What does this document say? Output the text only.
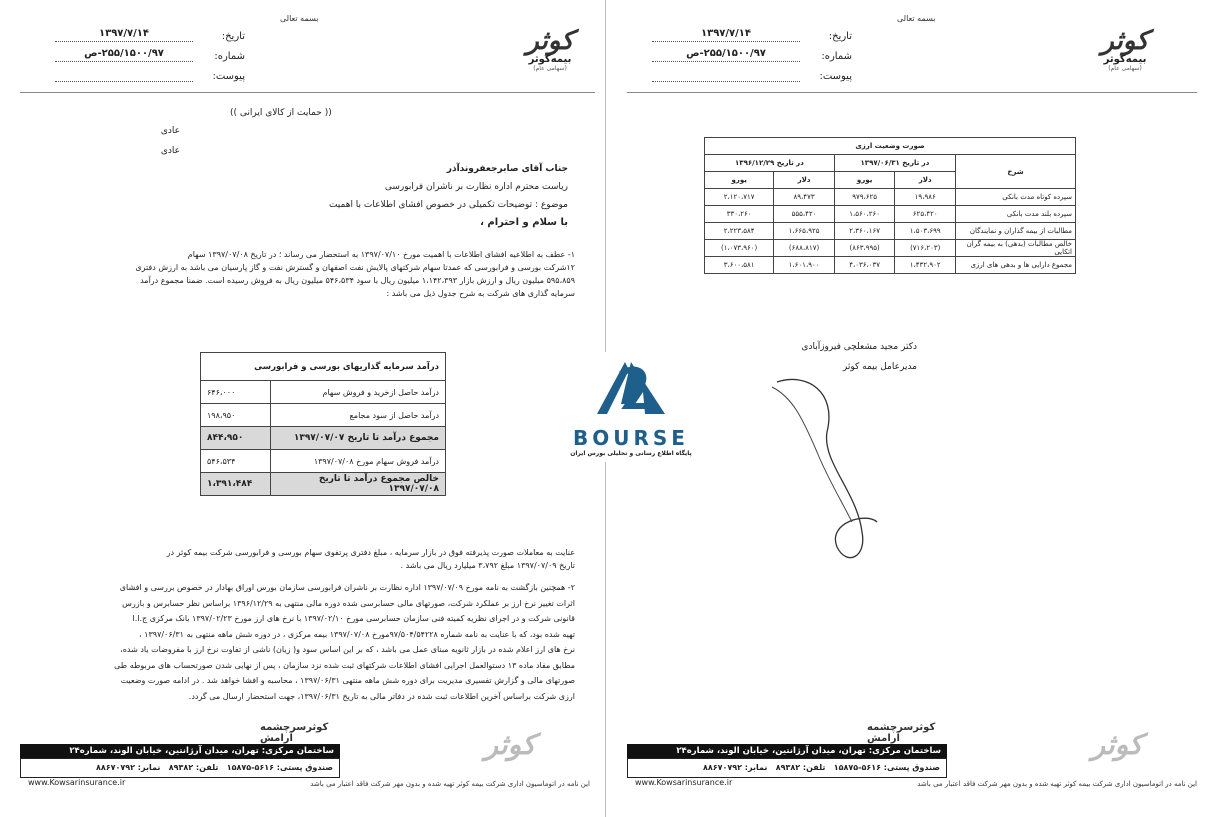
بسمه تعالی
تاریخ:
۱۳۹۷/۷/۱۴
شماره:
۲۵۵/۱۵۰۰/۹۷-ص
پیوست:
کوثر
بیمه‌کوثر
(سهامی عام)
(( حمایت از کالای ایرانی ))
عادی
عادی
جناب آقای صابرجعفروندآذر
ریاست محترم اداره نظارت بر ناشران فرابورسی
موضوع : توضیحات تکمیلی در خصوص افشای اطلاعات با اهمیت
با سلام و احترام ،
۱- عطف به اطلاعیه افشای اطلاعات با اهمیت مورخ ۱۳۹۷/۰۷/۱۰ به استحضار می رساند ؛ در تاریخ ۱۳۹۷/۰۷/۰۸ سهام
۱۲شرکت بورسی و فرابورسی که عمدتا سهام شرکتهای پالایش نفت اصفهان و گسترش نفت و گاز پارسیان می باشد به ارزش دفتری
۵۹۵،۸۵۹ میلیون ریال و ارزش بازار ۱،۱۴۲،۳۹۳ میلیون ریال با سود ۵۴۶،۵۳۴ میلیون ریال به فروش رسیده است. ضمنا مجموع درآمد
سرمایه گذاری های شرکت به شرح جدول ذیل می باشد :
درآمد سرمایه گذاریهای بورسی و فرابورسی	
درآمد حاصل ازخرید و فروش سهام	۶۴۶،۰۰۰
درآمد حاصل از سود مجامع	۱۹۸،۹۵۰
مجموع درآمد تا تاریخ ۱۳۹۷/۰۷/۰۷	۸۴۴،۹۵۰
درآمد فروش سهام مورخ ۱۳۹۷/۰۷/۰۸	۵۴۶،۵۳۴
خالص مجموع درآمد تا تاریخ ۱۳۹۷/۰۷/۰۸	۱،۳۹۱،۴۸۴
عنایت به معاملات صورت پذیرفته فوق در بازار سرمایه ، مبلغ دفتری پرتفوی سهام بورسی و فرابورسی شرکت بیمه کوثر در
تاریخ ۱۳۹۷/۰۷/۰۹ مبلغ ۳،۷۹۲ میلیارد ریال می باشد .
۲- همچنین بازگشت به نامه مورخ ۱۳۹۷/۰۷/۰۹ اداره نظارت بر ناشران فرابورسی سازمان بورس اوراق بهادار در خصوص بررسی و افشای
اثرات تغییر نرخ ارز بر عملکرد شرکت، صورتهای مالی حسابرسی شده دوره مالی منتهی به ۱۳۹۶/۱۲/۲۹ براساس نظر حسابرس و بازرس
قانونی شرکت و در اجرای نظریه کمیته فنی سازمان حسابرسی مورخ ۱۳۹۷/۰۲/۱۰ با نرخ های ارز مورخ ۱۳۹۷/۰۲/۲۳ بانک مرکزی ج.ا.ا
تهیه شده بود، که با عنایت به نامه شماره ۹۷/۵۰۴/۵۴۲۲۸مورخ ۱۳۹۷/۰۷/۰۸ بیمه مرکزی ، در دوره شش ماهه منتهی به ۱۳۹۷/۰۶/۳۱ ،
نرخ های ارز اعلام شده در بازار ثانویه مبنای عمل می باشد ، که بر این اساس سود و( زیان) ناشی از تفاوت نرخ ارز با مفروضات یاد شده،
مطابق مفاد ماده ۱۳ دستوالعمل اجرایی افشای اطلاعات شرکتهای ثبت شده نزد سازمان ، پس از نهایی شدن صورتحساب های مربوطه طی
صورتهای مالی و گزارش تفسیری مدیریت برای دوره شش ماهه منتهی ۱۳۹۷/۰۶/۳۱ ، محاسبه و افشا خواهد شد . در ادامه صورت وضعیت
ارزی شرکت براساس آخرین اطلاعات ثبت شده در دفاتر مالی به تاریخ ۱۳۹۷/۰۶/۳۱، جهت استحضار ارسال می گردد.
کوثرسرچشمه آرامش
ساختمان مرکزی: تهران، میدان آرژانتین، خیابان الوند، شماره۲۴
صندوق پستی: ۵۶۱۶-۱۵۸۷۵   تلفن: ۸۹۳۸۲   نمابر: ۸۸۶۷۰۷۹۲
کوثر
www.Kowsarinsurance.ir	این نامه در اتوماسیون اداری شرکت بیمه کوثر تهیه شده و بدون مهر شرکت فاقد اعتبار می باشد
بسمه تعالی
تاریخ:
۱۳۹۷/۷/۱۴
شماره:
۲۵۵/۱۵۰۰/۹۷-ص
پیوست:
کوثر
بیمه‌کوثر
(سهامی عام)
صورت وضعیت ارزی				
شرح	در تاریخ ۱۳۹۷/۰۶/۳۱		در تاریخ ۱۳۹۶/۱۲/۲۹	
	دلار	یورو	دلار	یورو
سپرده کوتاه مدت بانکی	۱۹،۹۸۶	۹۷۹،۶۲۵	۸۹،۴۷۳	۲،۱۲۰،۷۱۷
سپرده بلند مدت بانکی	۶۲۵،۴۲۰	۱،۵۶۰،۲۶۰	۵۵۵،۴۲۰	۳۳۰،۲۶۰
مطالبات از بیمه گذاران و نمایندگان	۱،۵۰۳،۶۹۹	۲،۳۶۰،۱۶۷	۱،۶۶۵،۹۲۵	۲،۲۲۳،۵۸۴
خالص مطالبات (بدهی) به بیمه گران اتکایی	(۷۱۶،۲۰۳)	(۸۶۳،۹۹۵)	(۶۸۸،۸۱۷)	(۱،۰۷۳،۹۶۰)
مجموع دارایی ها و بدهی های ارزی	۱،۴۳۲،۹۰۲	۴،۰۳۶،۰۳۷	۱،۶۰۱،۹۰۰	۳،۶۰۰،۵۸۱
دکتر مجید مشعلچی فیروزآبادی
مدیرعامل بیمه کوثر
کوثرسرچشمه آرامش
ساختمان مرکزی: تهران، میدان آرژانتین، خیابان الوند، شماره۲۴
صندوق پستی: ۵۶۱۶-۱۵۸۷۵   تلفن: ۸۹۳۸۲   نمابر: ۸۸۶۷۰۷۹۲
کوثر
www.Kowsarinsurance.ir	این نامه در اتوماسیون اداری شرکت بیمه کوثر تهیه شده و بدون مهر شرکت فاقد اعتبار می باشد
BOURSE
پایگاه اطلاع رسانی و تحلیلی بورس ایران
